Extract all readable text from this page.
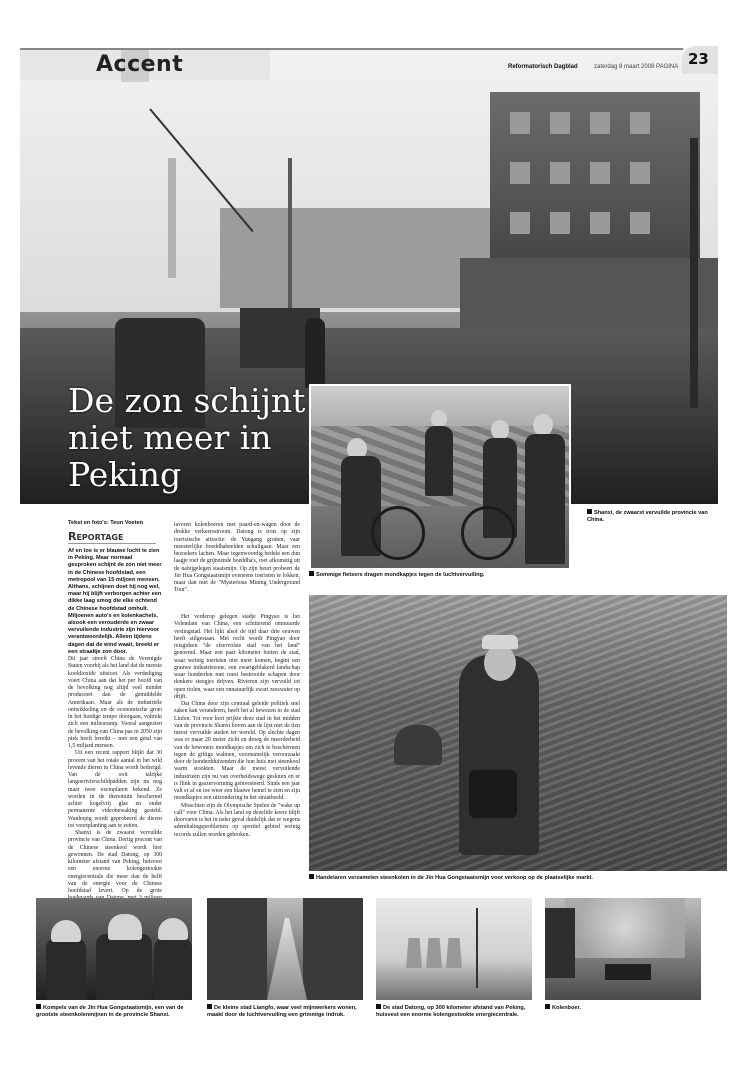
Accent	Reformatorisch Dagblad	zaterdag 8 maart 2008 PAGINA 23
De zon schijnt niet meer in Peking
Sommige fietsers dragen mondkapjes tegen de luchtvervuiling.
Shanxi, de zwaarst vervuilde provincie van China.
Tekst en foto's: Teun Voeten
Reportage
Af en toe is er blauwe lucht te zien in Peking. Maar normaal gesproken schijnt de zon niet meer in de Chinese hoofdstad, een metropool van 15 miljoen mensen. Althans, schijnen doet hij nog wel, maar hij blijft verborgen achter een dikke laag smog die elke ochtend de Chinese hoofdstad omhult. Miljoenen auto's en kolenkachels, alsook een verouderde en zwaar vervuilende industrie zijn hiervoor verantwoordelijk. Alleen tijdens dagen dat de wind waait, breekt er een straaltje zon door.

Dit jaar streeft China de Verenigde Staten voorbij als het land dat de meeste kooldioxide uitstoot. Als verdediging voert China aan dat het per hoofd van de bevolking nog altijd veel minder produceert dan de gemiddelde Amerikaan. Maar als de industriële ontwikkeling en de economische groei in het huidige tempo doorgaan, voltrekt zich een milieuramp. Vooral aangezien de bevolking van China pas in 2050 zijn piek heeft bereikt – met een getal van 1,5 miljard mensen.

Uit een recent rapport blijkt dat 30 procent van het totale aantal in het wild levende dieren in China wordt bedreigd. Van de ooit talrijke langoerivierschildpadden zijn nu nog maar twee exemplaren bekend. Ze worden in de dierentuin beschermd achter kogelvrij glas en onder permanente videobewaking gesteld. Wanhopig wordt geprobeerd de dieren tot voortplanting aan te zetten.

Shanxi is de zwaarst vervuilde provincie van China. Dertig procent van de Chinese steenkool wordt hier gewonnen. De stad Datong, op 300 kilometer afstand van Peking, huisvest een enorme kolengestookte energiecentrale die meer dan de helft van de energie voor de Chinese hoofdstad levert. Op de grote

laveren kolenboeren met paard-en-wagen door de drukke verkeersstroom. Datong is trots op zijn toeristische attractie: de Yungang grotten, vaar meesterlijke boeddhabeelden schuilgaan. Maar een bezoekers lachen. Maar tegenwoordig bedekt een dun laagje roet de grijnzende boeddha's, roet afkomstig uit de nabijgelegen staatsmijn. Op zijn beurt probeert de Jin Hua Gongstaatsmijn eveneens toeristen te lokken, maar dan met de "Mysterious Mining Underground Tour".

Het verderop gelegen stadje Pingyao is het Volendam van China, een schitterend ommuurde vestingstad. Het lijkt alsof de tijd daar drie eeuwen heeft stilgestaan. Met recht wordt Pingyao door reisgidsen "de sfeervolste stad van het land" genoemd. Maar een paar kilometer buiten de stad, waar weinig toeristen niet meer komen, begint een grauwe industriezone, een zwartgeblakerd landschap waar honderden met roest bestrooide schapen door donkere steegjes drijven. Rivieren zijn vervuild tot open riolen, waar een onnatuurlijk zwart zeeswater op drijft.

Dat China door zijn centraal geleide politiek snel zaken kan veranderen, heeft het al bewezen in de stad Linfen. Tot voor kort prijkte deze stad in het midden van de provincie Shanxi boven aan de lijst met de tien meest vervuilde steden ter wereld. Op slechte dagen was er maar 20 meter zicht en droeg de meerderheid van de bewoners mondkapjes om zich te beschermen tegen de giftige walmen, voornamelijk veroorzaakt door de honderdduizenden die hun huis met steenkool warm stookten. Maar de meest vervuilende industrieën zijn nu van overheidswege gesloten en er is flink in gaszervorming geïnvesteerd. Sinds een jaar valt er af en toe weer een blauwe hemel te zien en zijn mondkapjes een uitzondering in het straatbeeld.

Misschien zijn de Olympische Spelen de "wake up call" voor China. Als het land op dezelfde koers blijft doorvaren is het in ieder geval duidelijk dat er wegens ademhalingsproblemen op sportief gebied weinig records zullen worden gebroken.

Handelaren verzamelen steenkolen in de Jin Hua Gongstaatsmijn voor verkoop op de plaatselijke markt.
Kompels van de Jin Hua Gongstaatsmijn, een van de grootste steenkolenmijnen in de provincie Shanxi.
De kleine stad Liangfo, waar veel mijnwerkers wonen, maakt door de luchtvervuiling een grimmige indruk.
De stad Datong, op 300 kilometer afstand van Peking, huisvest een enorme kolengestookte energiecentrale.
Kolenboer.
